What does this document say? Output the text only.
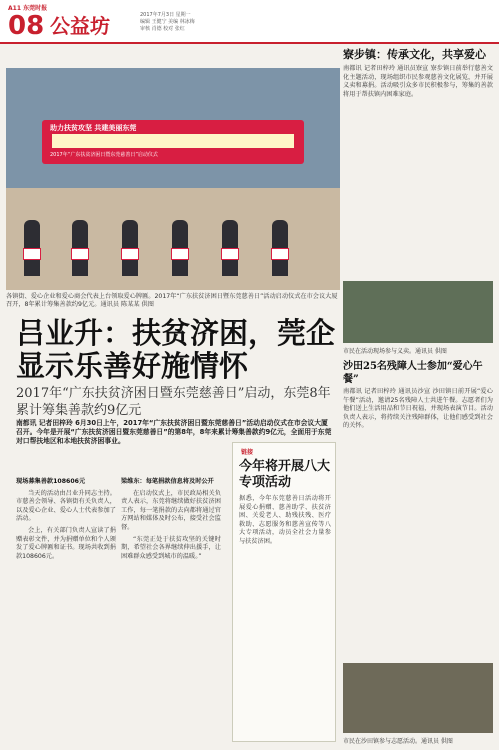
A11 东莞时报
08 公益坊	2017年7月3日 星期一
编辑 王健宁 美编 林冰梅
审核 肖德 校对 张红
助力扶贫攻坚 共建美丽东莞
2017年“广东扶贫济困日暨东莞慈善日”启动仪式
各镇街、爱心企业和爱心商会代表上台领取爱心牌匾。2017年“广东扶贫济困日暨东莞慈善日”活动启动仪式在市会议大厦召开，8年累计筹集善款约9亿元。通讯员 陈某某 供图
吕业升：扶贫济困，莞企显示乐善好施情怀
2017年“广东扶贫济困日暨东莞慈善日”启动，东莞8年累计筹集善款约9亿元
南都讯 记者田梓玲 6月30日上午，2017年“广东扶贫济困日暨东莞慈善日”活动启动仪式在市会议大厦召开。今年是开展“广东扶贫济困日暨东莞慈善日”的第8年，8年来累计筹集善款约9亿元，全面用于东莞对口帮扶地区和本地扶贫济困事业。
现场募集善款108606元
当天的活动由吕业升同志主持。市慈善会领导、各镇街有关负责人，以及爱心企业、爱心人士代表参加了活动。
会上，有关部门负责人宣读了捐赠表彰文件，并为捐赠单位和个人颁发了爱心牌匾和证书。现场共收到捐款108606元。
梁维东：每笔捐款信息将及时公开
在启动仪式上，市民政局相关负责人表示，东莞将继续做好扶贫济困工作，每一笔捐款的去向都将通过官方网站和媒体及时公布，接受社会监督。
“东莞正处于扶贫攻坚的关键时期，希望社会各界继续伸出援手，让困难群众感受到城市的温暖。”
链接
今年将开展八大专项活动
据悉，今年东莞慈善日活动将开展爱心捐赠、慈善助学、扶贫济困、关爱老人、助残扶残、医疗救助、志愿服务和慈善宣传等八大专项活动，动员全社会力量参与扶贫济困。
寮步镇：传承文化，共享爱心
南都讯 记者田梓玲 通讯员寮宣 寮步镇日前举行慈善文化主题活动，现场组织市民参观慈善文化展览，并开展义卖和募捐。活动吸引众多市民积极参与，筹集的善款将用于帮扶镇内困难家庭。
市民在活动现场参与义卖。通讯员 供图
沙田25名残障人士参加“爱心午餐”
南都讯 记者田梓玲 通讯员沙宣 沙田镇日前开展“爱心午餐”活动，邀请25名残障人士共进午餐。志愿者们为他们送上生活用品和节日祝福，并现场表演节目。活动负责人表示，将持续关注残障群体，让他们感受到社会的关怀。
市民在沙田镇参与志愿活动。通讯员 供图
